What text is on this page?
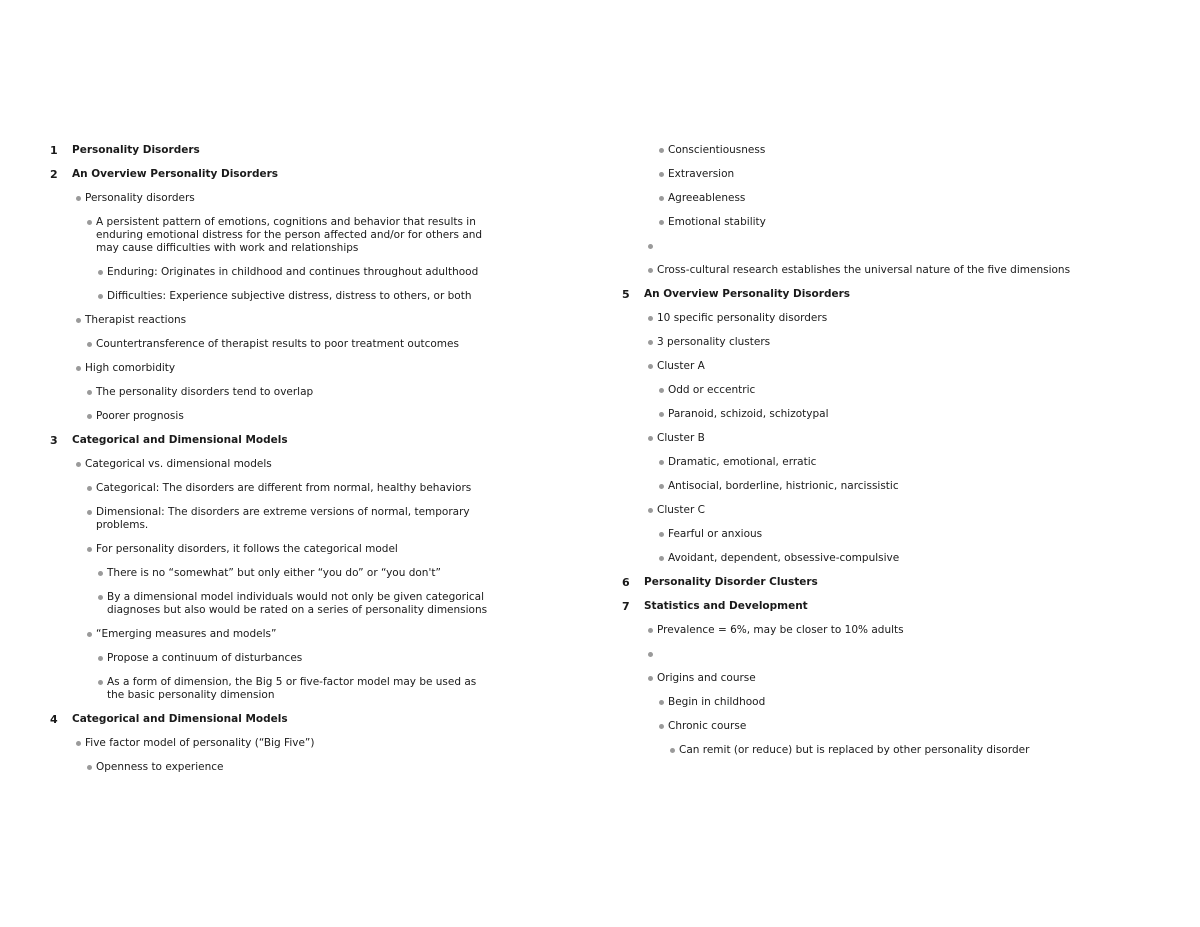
1	Personality Disorders
2	An Overview Personality Disorders
Personality disorders
A persistent pattern of emotions, cognitions and behavior that results in enduring emotional distress for the person affected and/or for others and may cause difficulties with work and relationships
Enduring: Originates in childhood and continues throughout adulthood
Difficulties: Experience subjective distress, distress to others, or both
Therapist reactions
Countertransference of therapist results to poor treatment outcomes
High comorbidity
The personality disorders tend to overlap
Poorer prognosis
3	Categorical and Dimensional Models
Categorical vs. dimensional models
Categorical: The disorders are different from normal, healthy behaviors
Dimensional: The disorders are extreme versions of normal, temporary problems.
For personality disorders, it follows the categorical model
There is no “somewhat” but only either “you do” or “you don't”
By a dimensional model individuals would not only be given categorical diagnoses but also would be rated on a series of personality dimensions
“Emerging measures and models”
Propose a continuum of disturbances
As a form of dimension, the Big 5 or five-factor model may be used as the basic personality dimension
4	Categorical and Dimensional Models
Five factor model of personality (“Big Five”)
Openness to experience
Conscientiousness
Extraversion
Agreeableness
Emotional stability
Cross-cultural research establishes the universal nature of the five dimensions
5	An Overview Personality Disorders
10 specific personality disorders
3 personality clusters
Cluster A
Odd or eccentric
Paranoid, schizoid, schizotypal
Cluster B
Dramatic, emotional, erratic
Antisocial, borderline, histrionic, narcissistic
Cluster C
Fearful or anxious
Avoidant, dependent, obsessive-compulsive
6	Personality Disorder Clusters
7	Statistics and Development
Prevalence = 6%, may be closer to 10% adults
Origins and course
Begin in childhood
Chronic course
Can remit (or reduce) but is replaced by other personality disorder
